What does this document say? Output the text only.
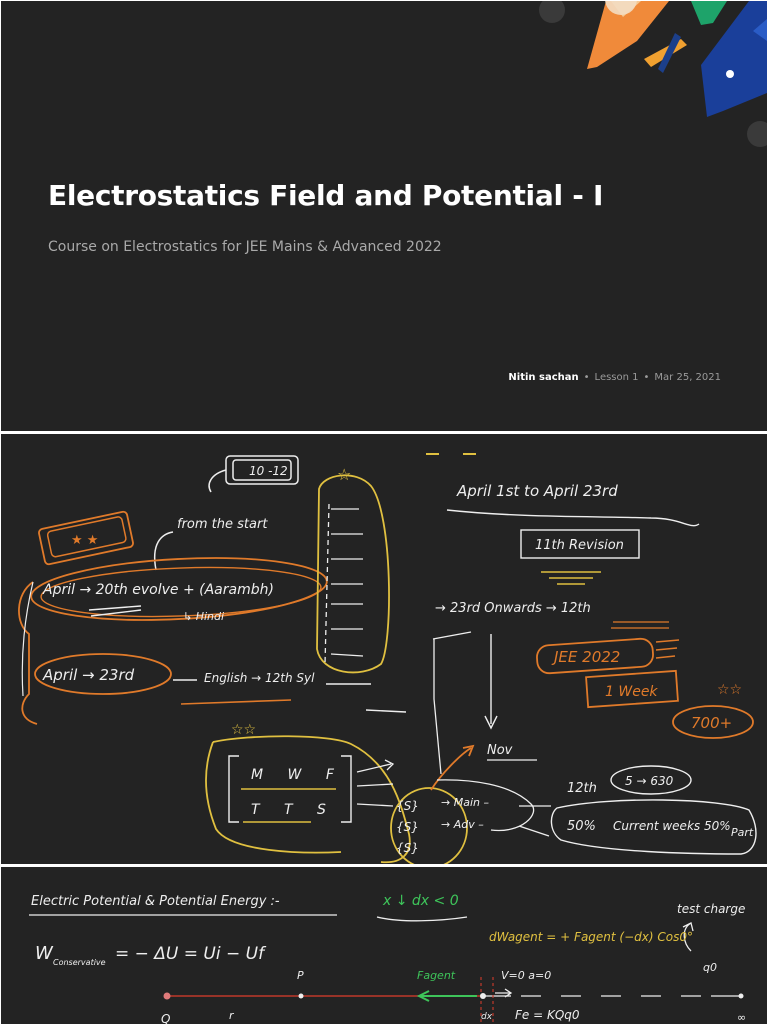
Electrostatics Field and Potential - I
Course on Electrostatics for JEE Mains & Advanced 2022
Nitin sachan • Lesson 1 • Mar 25, 2021
10 -12
★ ★
from the start
April → 20th evolve + (Aarambh)
↳ Hindi
April → 23rd	English → 12th Syl
☆
April 1st to April 23rd
11th Revision
→ 23rd Onwards → 12th
JEE 2022
1 Week	☆☆
700+
Nov
☆☆
M W F
T T S	{S}
{S}
{S}
→ Main –
→ Adv –
12th 5 → 630
50% Current weeks 50% Part
Electric Potential & Potential Energy :-	x ↓ dx < 0	test charge
q0
W Conservative = − ΔU = Ui − Uf
dWagent = + Fagent (−dx) Cos0°
P	Fagent	V=0 a=0
Fe = KQq0
Q	r	dx	∞
